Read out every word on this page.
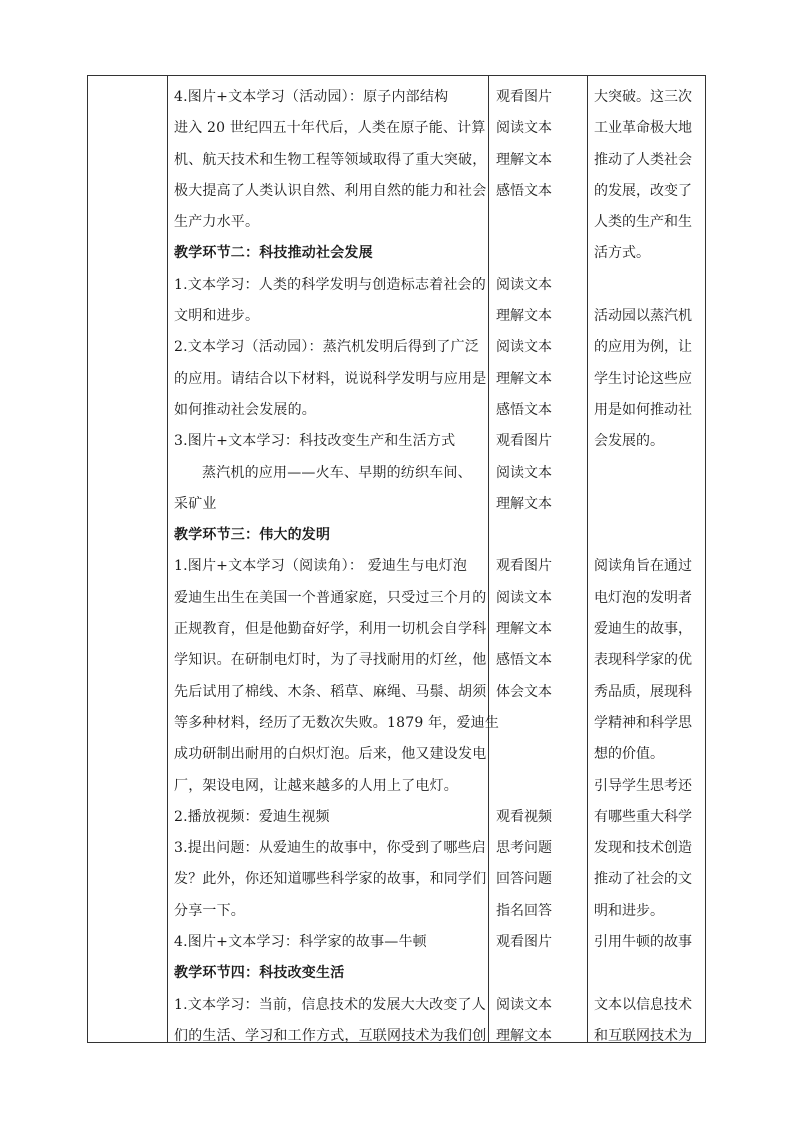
4.图片+文本学习（活动园）：原子内部结构
进入 20 世纪四五十年代后，人类在原子能、计算
机、航天技术和生物工程等领域取得了重大突破，
极大提高了人类认识自然、利用自然的能力和社会
生产力水平。
教学环节二：科技推动社会发展
1.文本学习：人类的科学发明与创造标志着社会的
文明和进步。
2.文本学习（活动园）：蒸汽机发明后得到了广泛
的应用。请结合以下材料，说说科学发明与应用是
如何推动社会发展的。
3.图片+文本学习：科技改变生产和生活方式
蒸汽机的应用——火车、早期的纺织车间、
采矿业
教学环节三：伟大的发明
1.图片+文本学习（阅读角）： 爱迪生与电灯泡
爱迪生出生在美国一个普通家庭，只受过三个月的
正规教育，但是他勤奋好学，利用一切机会自学科
学知识。在研制电灯时，为了寻找耐用的灯丝，他
先后试用了棉线、木条、稻草、麻绳、马鬃、胡须
等多种材料，经历了无数次失败。1879 年，爱迪生
成功研制出耐用的白炽灯泡。后来，他又建设发电
厂，架设电网，让越来越多的人用上了电灯。
2.播放视频：爱迪生视频
3.提出问题：从爱迪生的故事中，你受到了哪些启
发？此外，你还知道哪些科学家的故事，和同学们
分享一下。
4.图片+文本学习：科学家的故事—牛顿
教学环节四：科技改变生活
1.文本学习：当前，信息技术的发展大大改变了人
们的生活、学习和工作方式，互联网技术为我们创
观看图片
阅读文本
理解文本
感悟文本
阅读文本
理解文本
阅读文本
理解文本
感悟文本
观看图片
阅读文本
理解文本
观看图片
阅读文本
理解文本
感悟文本
体会文本
观看视频
思考问题
回答问题
指名回答
观看图片
阅读文本
理解文本
大突破。这三次
工业革命极大地
推动了人类社会
的发展，改变了
人类的生产和生
活方式。
活动园以蒸汽机
的应用为例，让
学生讨论这些应
用是如何推动社
会发展的。
阅读角旨在通过
电灯泡的发明者
爱迪生的故事，
表现科学家的优
秀品质，展现科
学精神和科学思
想的价值。
引导学生思考还
有哪些重大科学
发现和技术创造
推动了社会的文
明和进步。
引用牛顿的故事
文本以信息技术
和互联网技术为
